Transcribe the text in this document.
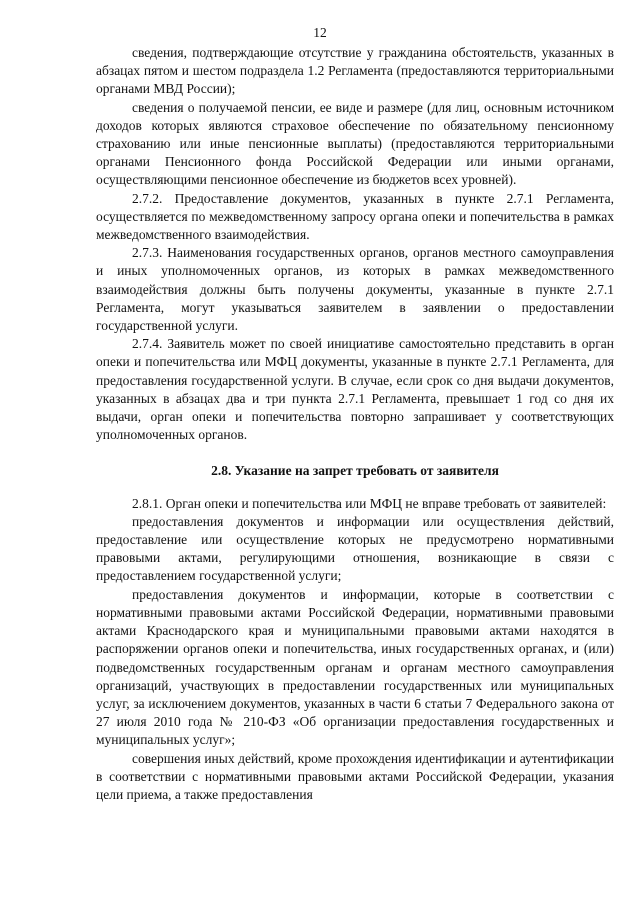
12

сведения, подтверждающие отсутствие у гражданина обстоятельств, указанных в абзацах пятом и шестом подраздела 1.2 Регламента (предоставляются территориальными органами МВД России);

сведения о получаемой пенсии, ее виде и размере (для лиц, основным источником доходов которых являются страховое обеспечение по обязательному пенсионному страхованию или иные пенсионные выплаты) (предоставляются территориальными органами Пенсионного фонда Российской Федерации или иными органами, осуществляющими пенсионное обеспечение из бюджетов всех уровней).

2.7.2. Предоставление документов, указанных в пункте 2.7.1 Регламента, осуществляется по межведомственному запросу органа опеки и попечительства в рамках межведомственного взаимодействия.

2.7.3. Наименования государственных органов, органов местного самоуправления и иных уполномоченных органов, из которых в рамках межведомственного взаимодействия должны быть получены документы, указанные в пункте 2.7.1 Регламента, могут указываться заявителем в заявлении о предоставлении государственной услуги.

2.7.4. Заявитель может по своей инициативе самостоятельно представить в орган опеки и попечительства или МФЦ документы, указанные в пункте 2.7.1 Регламента, для предоставления государственной услуги. В случае, если срок со дня выдачи документов, указанных в абзацах два и три пункта 2.7.1 Регламента, превышает 1 год со дня их выдачи, орган опеки и попечительства повторно запрашивает у соответствующих уполномоченных органов.

2.8. Указание на запрет требовать от заявителя

2.8.1. Орган опеки и попечительства или МФЦ не вправе требовать от заявителей:

предоставления документов и информации или осуществления действий, предоставление или осуществление которых не предусмотрено нормативными правовыми актами, регулирующими отношения, возникающие в связи с предоставлением государственной услуги;

предоставления документов и информации, которые в соответствии с нормативными правовыми актами Российской Федерации, нормативными правовыми актами Краснодарского края и муниципальными правовыми актами находятся в распоряжении органов опеки и попечительства, иных государственных органах, и (или) подведомственных государственным органам и органам местного самоуправления организаций, участвующих в предоставлении государственных или муниципальных услуг, за исключением документов, указанных в части 6 статьи 7 Федерального закона от 27 июля 2010 года № 210-ФЗ «Об организации предоставления государственных и муниципальных услуг»;

совершения иных действий, кроме прохождения идентификации и аутентификации в соответствии с нормативными правовыми актами Российской Федерации, указания цели приема, а также предоставления
